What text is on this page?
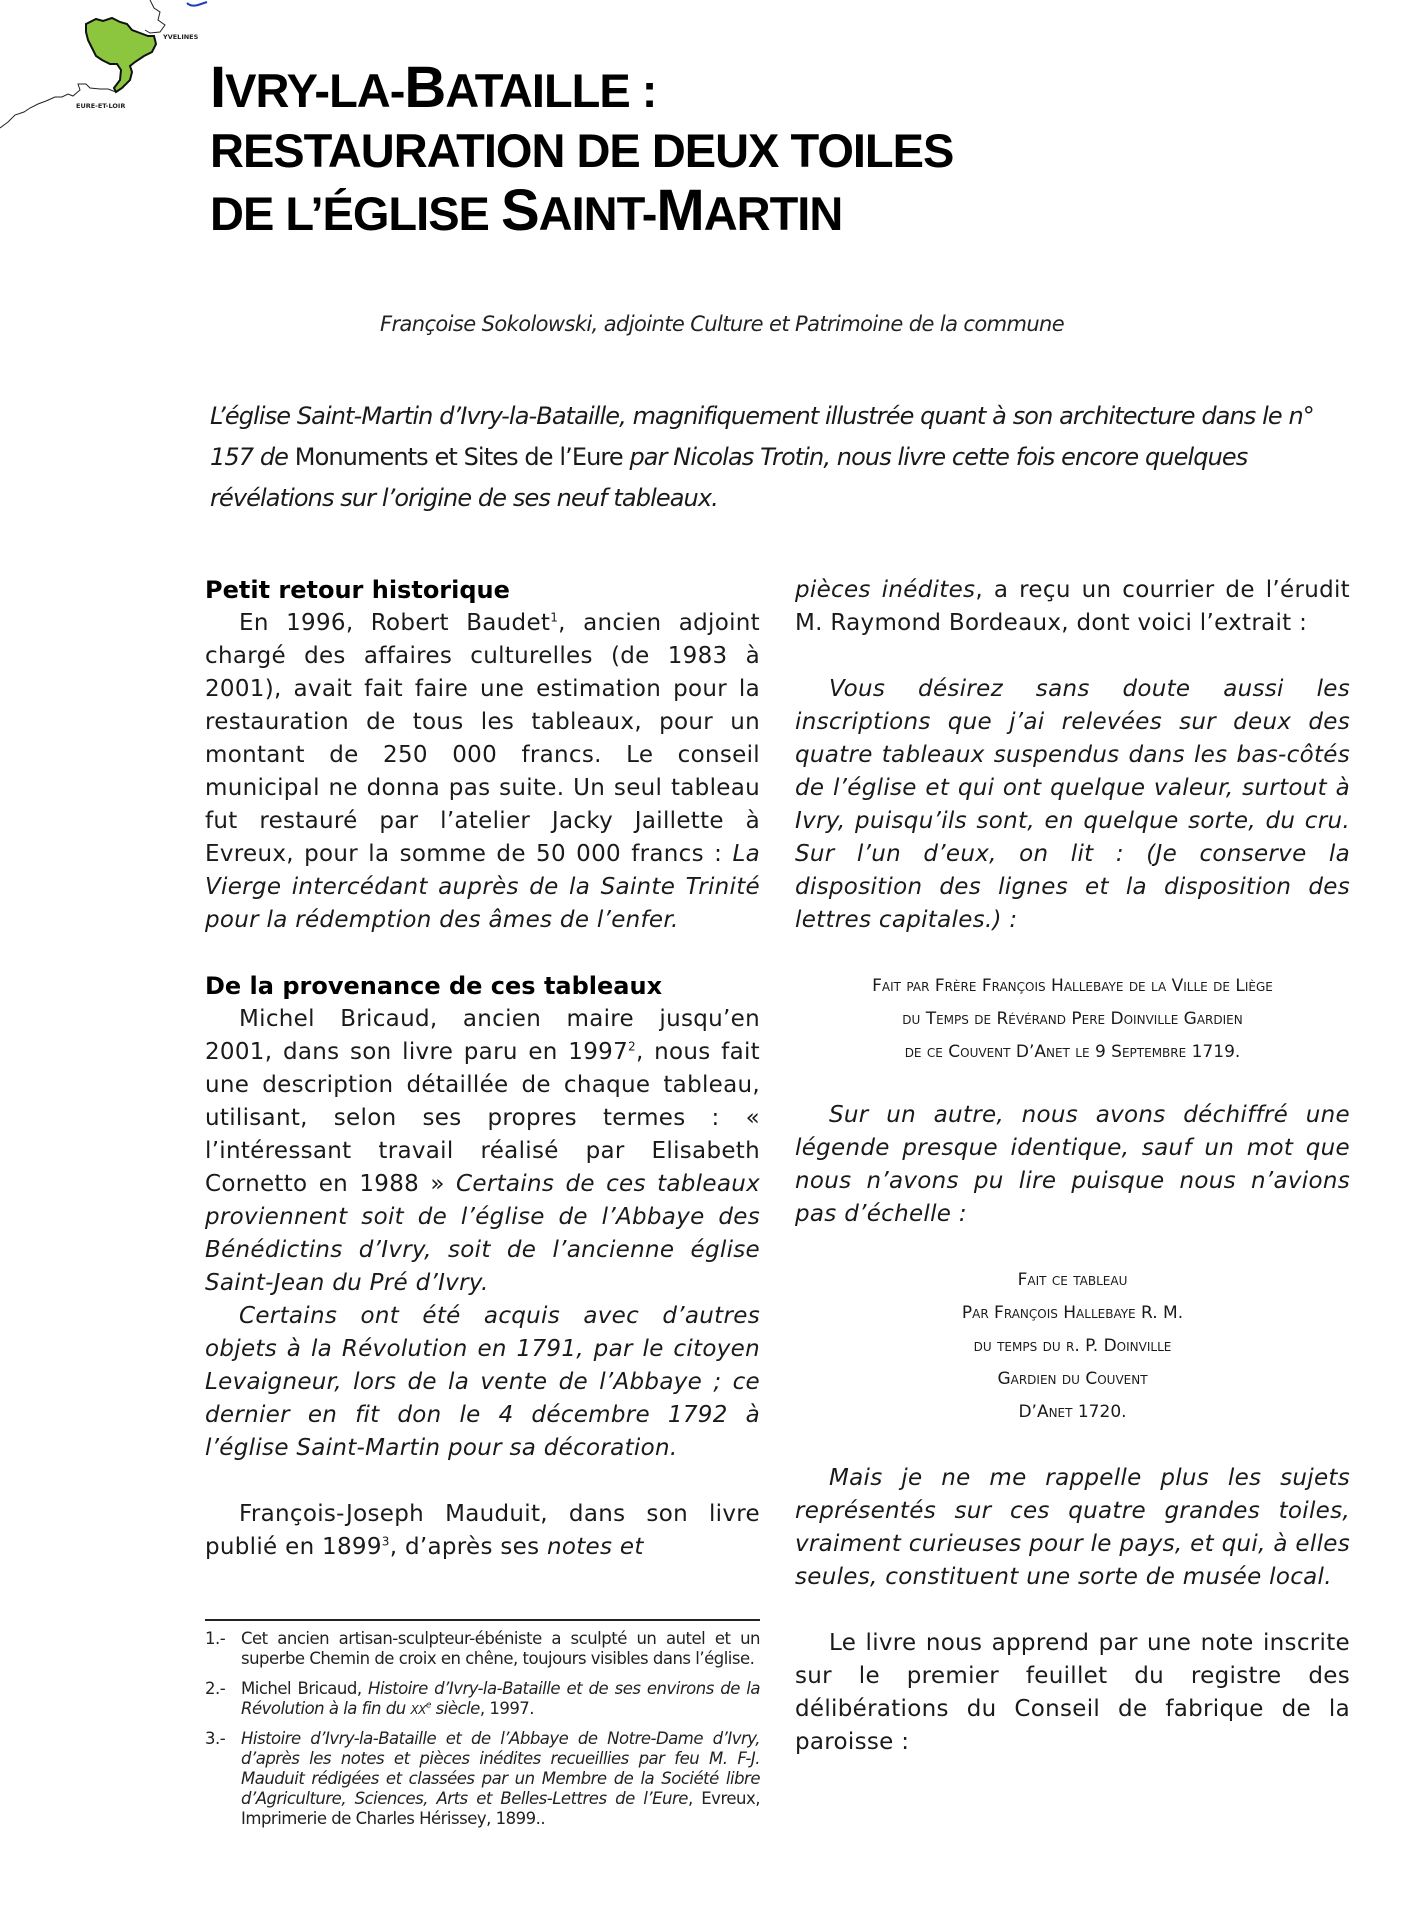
YVELINES
EURE-ET-LOIR IVRY-LA-BATAILLE :
RESTAURATION DE DEUX TOILES
DE L’ÉGLISE SAINT-MARTIN
Françoise Sokolowski, adjointe Culture et Patrimoine de la commune
L’église Saint-Martin d’Ivry-la-Bataille, magnifiquement illustrée quant à son architecture dans le n° 157 de Monuments et Sites de l’Eure par Nicolas Trotin, nous livre cette fois encore quelques révélations sur l’origine de ses neuf tableaux.
Petit retour historique

En 1996, Robert Baudet$^1$, ancien adjoint chargé des affaires culturelles (de 1983 à 2001), avait fait faire une estimation pour la restauration de tous les tableaux, pour un montant de 250 000 francs. Le conseil municipal ne donna pas suite. Un seul tableau fut restauré par l’atelier Jacky Jaillette à Evreux, pour la somme de 50 000 francs : La Vierge intercédant auprès de la Sainte Trinité pour la rédemption des âmes de l’enfer.

De la provenance de ces tableaux

Michel Bricaud, ancien maire jusqu’en 2001, dans son livre paru en 1997$^2$, nous fait une description détaillée de chaque tableau, utilisant, selon ses propres termes : « l’intéressant travail réalisé par Elisabeth Cornetto en 1988 » Certains de ces tableaux proviennent soit de l’église de l’Abbaye des Bénédictins d’Ivry, soit de l’ancienne église Saint-Jean du Pré d’Ivry.

Certains ont été acquis avec d’autres objets à la Révolution en 1791, par le citoyen Levaigneur, lors de la vente de l’Abbaye ; ce dernier en fit don le 4 décembre 1792 à l’église Saint-Martin pour sa décoration.

François-Joseph Mauduit, dans son livre publié en 1899$^3$, d’après ses notes et

1.- Cet ancien artisan-sculpteur-ébéniste a sculpté un autel et un superbe Chemin de croix en chêne, toujours visibles dans l’église.
2.- Michel Bricaud, Histoire d’Ivry-la-Bataille et de ses environs de la Révolution à la fin du $xx^e$ siècle, 1997.
3.- Histoire d’Ivry-la-Bataille et de l’Abbaye de Notre-Dame d’Ivry, d’après les notes et pièces inédites recueillies par feu M. F-J. Mauduit rédigées et classées par un Membre de la Société libre d’Agriculture, Sciences, Arts et Belles-Lettres de l’Eure, Evreux, Imprimerie de Charles Hérissey, 1899..

pièces inédites, a reçu un courrier de l’érudit M. Raymond Bordeaux, dont voici l’extrait :

Vous désirez sans doute aussi les inscriptions que j’ai relevées sur deux des quatre tableaux suspendus dans les bas-côtés de l’église et qui ont quelque valeur, surtout à Ivry, puisqu’ils sont, en quelque sorte, du cru. Sur l’un d’eux, on lit : (Je conserve la disposition des lignes et la disposition des lettres capitales.) :

Fait par Frère François Hallebaye de la Ville de Liège
du Temps de Révérand Pere Doinville Gardien
de ce Couvent D’Anet le 9 Septembre 1719.

Sur un autre, nous avons déchiffré une légende presque identique, sauf un mot que nous n’avons pu lire puisque nous n’avions pas d’échelle :

Fait ce tableau
Par François Hallebaye R. M.
du temps du r. P. Doinville
Gardien du Couvent
D’Anet 1720.

Mais je ne me rappelle plus les sujets représentés sur ces quatre grandes toiles, vraiment curieuses pour le pays, et qui, à elles seules, constituent une sorte de musée local.

Le livre nous apprend par une note inscrite sur le premier feuillet du registre des délibérations du Conseil de fabrique de la paroisse :
